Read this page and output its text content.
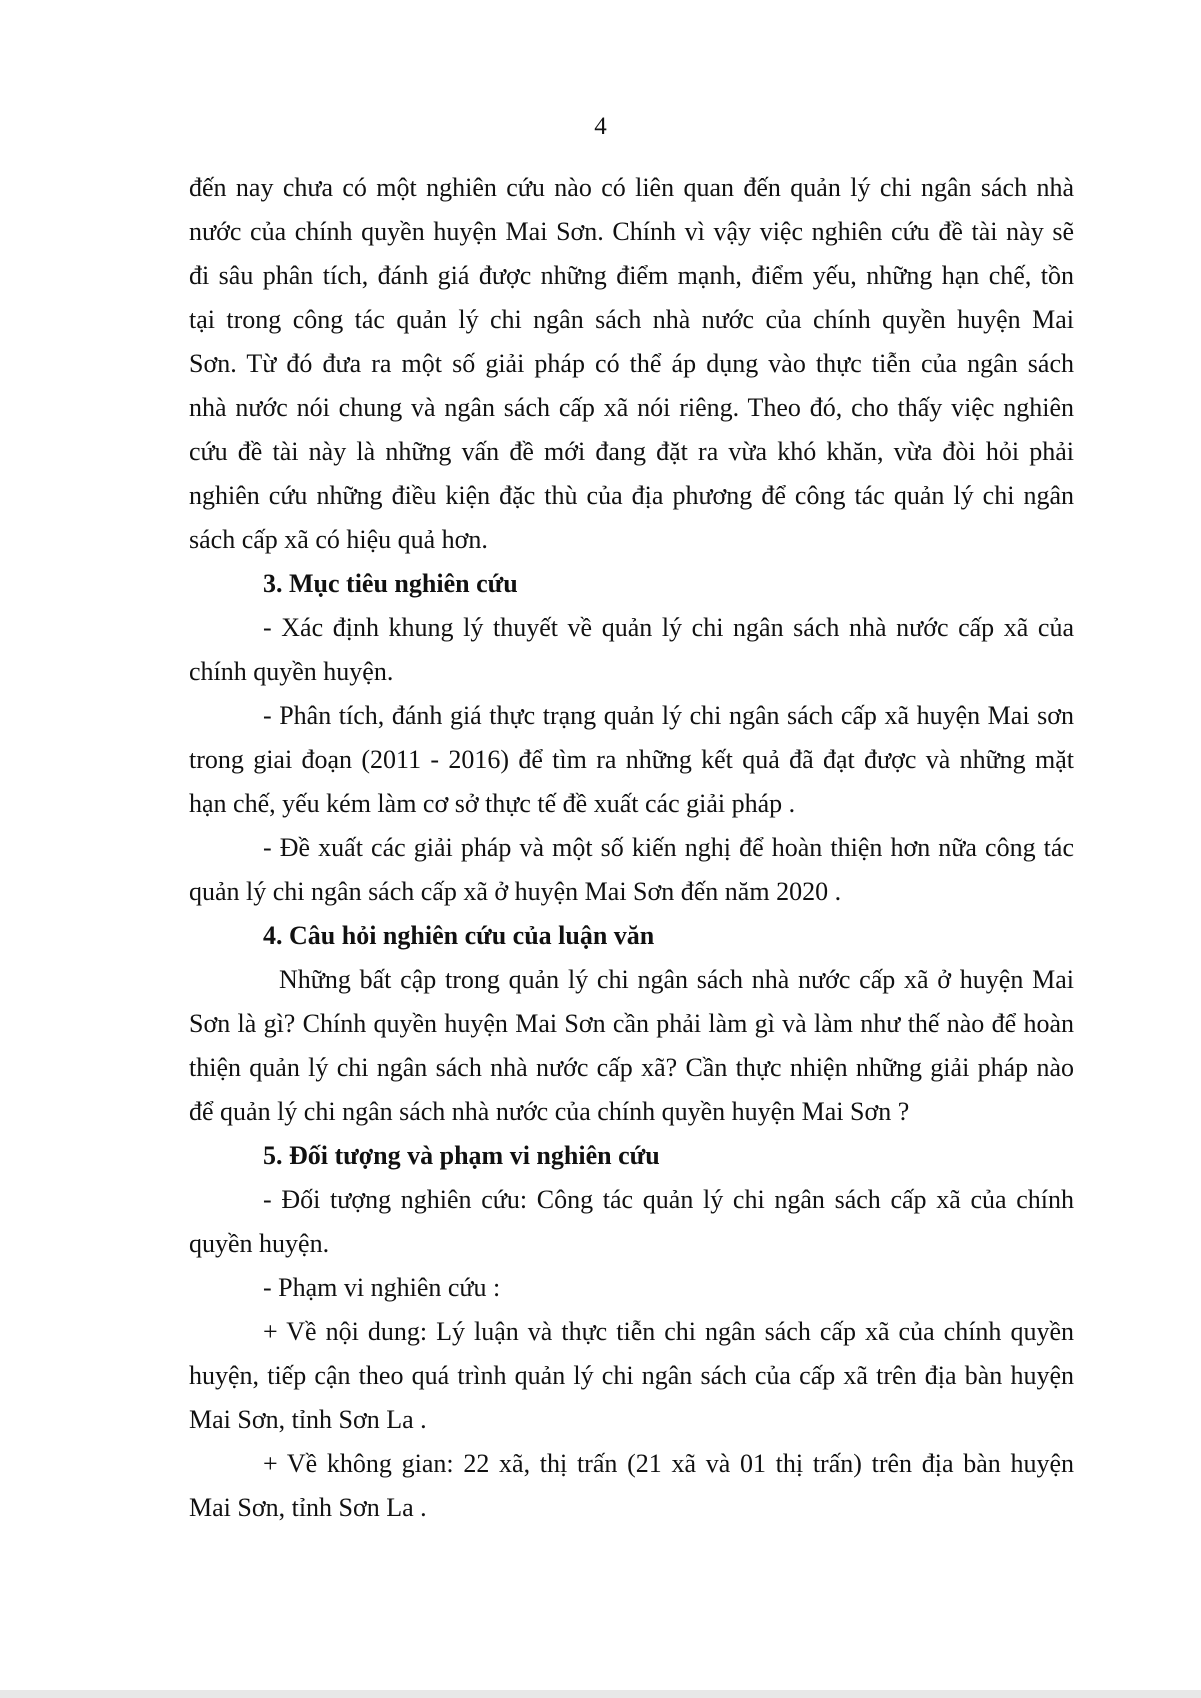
4
đến nay chưa có một nghiên cứu nào có liên quan đến quản lý chi ngân sách nhà
nước của chính quyền huyện Mai Sơn. Chính vì vậy việc nghiên cứu đề tài này sẽ
đi sâu phân tích, đánh giá được những điểm mạnh, điểm yếu, những hạn chế, tồn
tại trong công tác quản lý chi ngân sách nhà nước của chính quyền huyện Mai
Sơn. Từ đó đưa ra một số giải pháp có thể áp dụng vào thực tiễn của ngân sách
nhà nước nói chung và ngân sách cấp xã nói riêng. Theo đó, cho thấy việc nghiên
cứu đề tài này là những vấn đề mới đang đặt ra vừa khó khăn, vừa đòi hỏi phải
nghiên cứu những điều kiện đặc thù của địa phương để công tác quản lý chi ngân
sách cấp xã có hiệu quả hơn.
3. Mục tiêu nghiên cứu
- Xác định khung lý thuyết về quản lý chi ngân sách nhà nước cấp xã của
chính quyền huyện.
- Phân tích, đánh giá thực trạng quản lý chi ngân sách cấp xã huyện Mai sơn
trong giai đoạn (2011 - 2016) để tìm ra những kết quả đã đạt được và những mặt
hạn chế, yếu kém làm cơ sở thực tế đề xuất các giải pháp .
- Đề xuất các giải pháp và một số kiến nghị để hoàn thiện hơn nữa công tác
quản lý chi ngân sách cấp xã ở huyện Mai Sơn đến năm 2020 .
4. Câu hỏi nghiên cứu của luận văn
Những bất cập trong quản lý chi ngân sách nhà nước cấp xã ở huyện Mai
Sơn là gì? Chính quyền huyện Mai Sơn cần phải làm gì và làm như thế nào để hoàn
thiện quản lý chi ngân sách nhà nước cấp xã? Cần thực nhiện những giải pháp nào
để quản lý chi ngân sách nhà nước của chính quyền huyện Mai Sơn ?
5. Đối tượng và phạm vi nghiên cứu
- Đối tượng nghiên cứu: Công tác quản lý chi ngân sách cấp xã của chính
quyền huyện.
- Phạm vi nghiên cứu :
+ Về nội dung: Lý luận và thực tiễn chi ngân sách cấp xã của chính quyền
huyện, tiếp cận theo quá trình quản lý chi ngân sách của cấp xã trên địa bàn huyện
Mai Sơn, tỉnh Sơn La .
+ Về không gian: 22 xã, thị trấn (21 xã và 01 thị trấn) trên địa bàn huyện
Mai Sơn, tỉnh Sơn La .
